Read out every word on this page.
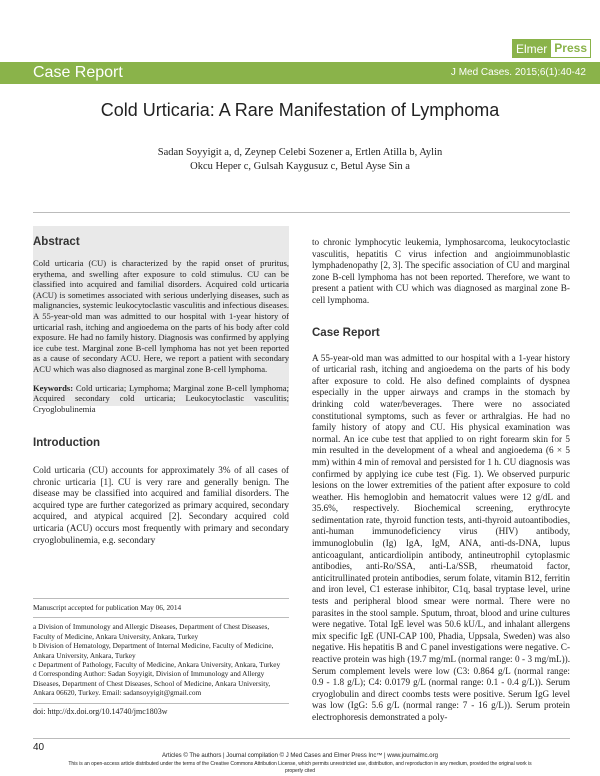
Elmer Press
Case Report	J Med Cases. 2015;6(1):40-42
Cold Urticaria: A Rare Manifestation of Lymphoma
Sadan Soyyigit a, d, Zeynep Celebi Sozener a, Ertlen Atilla b, Aylin Okcu Heper c, Gulsah Kaygusuz c, Betul Ayse Sin a
Abstract

Cold urticaria (CU) is characterized by the rapid onset of pruritus, erythema, and swelling after exposure to cold stimulus. CU can be classified into acquired and familial disorders. Acquired cold urticaria (ACU) is sometimes associated with serious underlying diseases, such as malignancies, systemic leukocytoclastic vasculitis and infectious diseases. A 55-year-old man was admitted to our hospital with 1-year history of urticarial rash, itching and angioedema on the parts of his body after cold exposure. He had no family history. Diagnosis was confirmed by applying ice cube test. Marginal zone B-cell lymphoma has not yet been reported as a cause of secondary ACU. Here, we report a patient with secondary ACU which was also diagnosed as marginal zone B-cell lymphoma.

Keywords: Cold urticaria; Lymphoma; Marginal zone B-cell lymphoma; Acquired secondary cold urticaria; Leukocytoclastic vasculitis; Cryoglobulinemia

Introduction

Cold urticaria (CU) accounts for approximately 3% of all cases of chronic urticaria [1]. CU is very rare and generally benign. The disease may be classified into acquired and familial disorders. The acquired type are further categorized as primary acquired, secondary acquired, and atypical acquired [2]. Secondary acquired cold urticaria (ACU) occurs most frequently with primary and secondary cryoglobulinemia, e.g. secondary

Manuscript accepted for publication May 06, 2014

a Division of Immunology and Allergic Diseases, Department of Chest Diseases, Faculty of Medicine, Ankara University, Ankara, Turkey

b Division of Hematology, Department of Internal Medicine, Faculty of Medicine, Ankara University, Ankara, Turkey

c Department of Pathology, Faculty of Medicine, Ankara University, Ankara, Turkey

d Corresponding Author: Sadan Soyyigit, Division of Immunology and Allergy Diseases, Department of Chest Diseases, School of Medicine, Ankara University, Ankara 06620, Turkey. Email: sadansoyyigit@gmail.com

doi: http://dx.doi.org/10.14740/jmc1803w

to chronic lymphocytic leukemia, lymphosarcoma, leukocytoclastic vasculitis, hepatitis C virus infection and angioimmunoblastic lymphadenopathy [2, 3]. The specific association of CU and marginal zone B-cell lymphoma has not been reported. Therefore, we want to present a patient with CU which was diagnosed as marginal zone B-cell lymphoma.

Case Report

A 55-year-old man was admitted to our hospital with a 1-year history of urticarial rash, itching and angioedema on the parts of his body after exposure to cold. He also defined complaints of dyspnea especially in the upper airways and cramps in the stomach by drinking cold water/beverages. There were no associated constitutional symptoms, such as fever or arthralgias. He had no family history of atopy and CU. His physical examination was normal. An ice cube test that applied to on right forearm skin for 5 min resulted in the development of a wheal and angioedema (6 × 5 mm) within 4 min of removal and persisted for 1 h. CU diagnosis was confirmed by applying ice cube test (Fig. 1). We observed purpuric lesions on the lower extremities of the patient after exposure to cold weather. His hemoglobin and hematocrit values were 12 g/dL and 35.6%, respectively. Biochemical screening, erythrocyte sedimentation rate, thyroid function tests, anti-thyroid autoantibodies, anti-human immunodeficiency virus (HIV) antibody, immunoglobulin (Ig) IgA, IgM, ANA, anti-ds-DNA, lupus anticoagulant, anticardiolipin antibody, antineutrophil cytoplasmic antibodies, anti-Ro/SSA, anti-La/SSB, rheumatoid factor, anticitrullinated protein antibodies, serum folate, vitamin B12, ferritin and iron level, C1 esterase inhibitor, C1q, basal tryptase level, urine tests and peripheral blood smear were normal. There were no parasites in the stool sample. Sputum, throat, blood and urine cultures were negative. Total IgE level was 50.6 kU/L, and inhalant allergens mix specific IgE (UNI-CAP 100, Phadia, Uppsala, Sweden) was also negative. His hepatitis B and C panel investigations were negative. C-reactive protein was high (19.7 mg/mL (normal range: 0 - 3 mg/mL)). Serum complement levels were low (C3: 0.864 g/L (normal range: 0.9 - 1.8 g/L); C4: 0.0179 g/L (normal range: 0.1 - 0.4 g/L)). Serum cryoglobulin and direct coombs tests were positive. Serum IgG level was low (IgG: 5.6 g/L (normal range: 7 - 16 g/L)). Serum protein electrophoresis demonstrated a poly-

40
Articles © The authors | Journal compilation © J Med Cases and Elmer Press Inc™ | www.journalmc.org
This is an open-access article distributed under the terms of the Creative Commons Attribution License, which permits unrestricted use, distribution, and reproduction in any medium, provided the original work is properly cited
